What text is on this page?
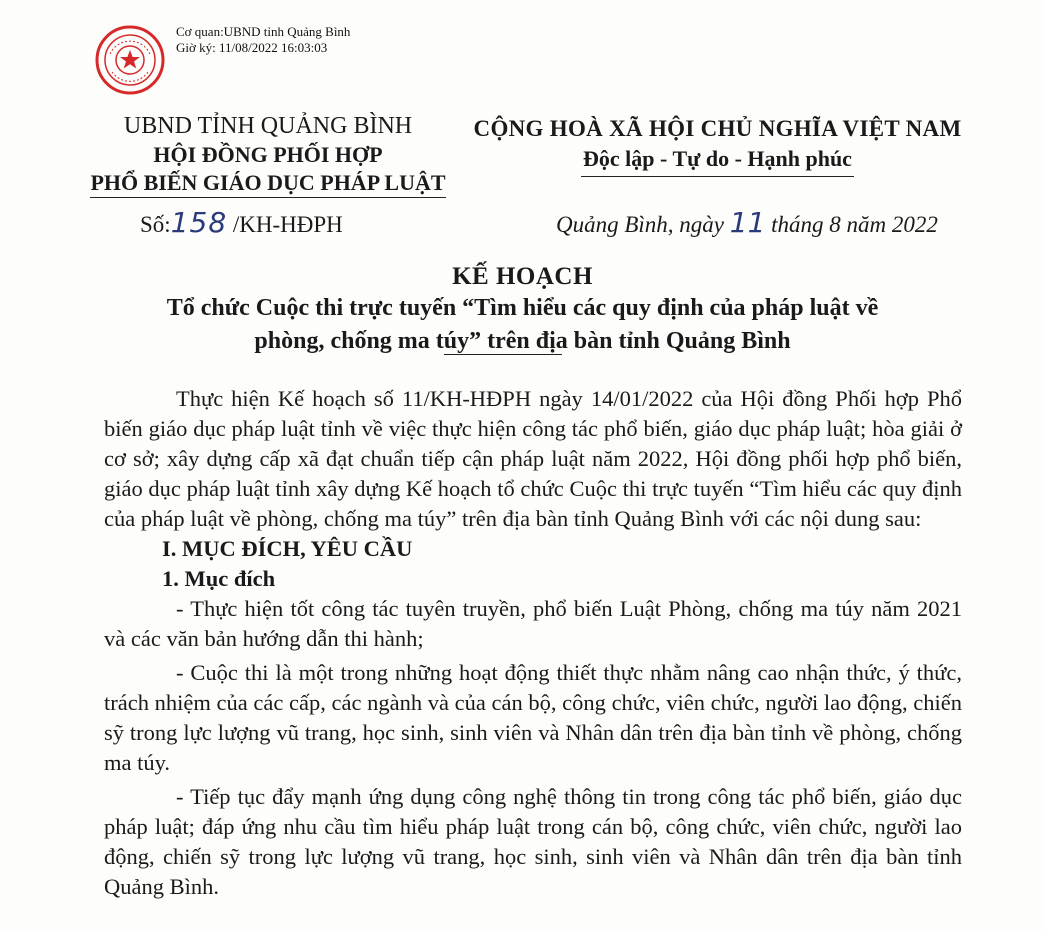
Cơ quan:UBND tỉnh Quảng Bình
Giờ ký: 11/08/2022 16:03:03
UBND TỈNH QUẢNG BÌNH
HỘI ĐỒNG PHỐI HỢP
PHỔ BIẾN GIÁO DỤC PHÁP LUẬT
CỘNG HOÀ XÃ HỘI CHỦ NGHĨA VIỆT NAM
Độc lập - Tự do - Hạnh phúc
Số:158 /KH-HĐPH	Quảng Bình, ngày 11 tháng 8 năm 2022
KẾ HOẠCH
Tổ chức Cuộc thi trực tuyến “Tìm hiểu các quy định của pháp luật về
phòng, chống ma túy” trên địa bàn tỉnh Quảng Bình

Thực hiện Kế hoạch số 11/KH-HĐPH ngày 14/01/2022 của Hội đồng Phối hợp Phổ biến giáo dục pháp luật tỉnh về việc thực hiện công tác phổ biến, giáo dục pháp luật; hòa giải ở cơ sở; xây dựng cấp xã đạt chuẩn tiếp cận pháp luật năm 2022, Hội đồng phối hợp phổ biến, giáo dục pháp luật tỉnh xây dựng Kế hoạch tổ chức Cuộc thi trực tuyến “Tìm hiểu các quy định của pháp luật về phòng, chống ma túy” trên địa bàn tỉnh Quảng Bình với các nội dung sau:

I. MỤC ĐÍCH, YÊU CẦU
1. Mục đích

- Thực hiện tốt công tác tuyên truyền, phổ biến Luật Phòng, chống ma túy năm 2021 và các văn bản hướng dẫn thi hành;

- Cuộc thi là một trong những hoạt động thiết thực nhằm nâng cao nhận thức, ý thức, trách nhiệm của các cấp, các ngành và của cán bộ, công chức, viên chức, người lao động, chiến sỹ trong lực lượng vũ trang, học sinh, sinh viên và Nhân dân trên địa bàn tỉnh về phòng, chống ma túy.

- Tiếp tục đẩy mạnh ứng dụng công nghệ thông tin trong công tác phổ biến, giáo dục pháp luật; đáp ứng nhu cầu tìm hiểu pháp luật trong cán bộ, công chức, viên chức, người lao động, chiến sỹ trong lực lượng vũ trang, học sinh, sinh viên và Nhân dân trên địa bàn tỉnh Quảng Bình.
